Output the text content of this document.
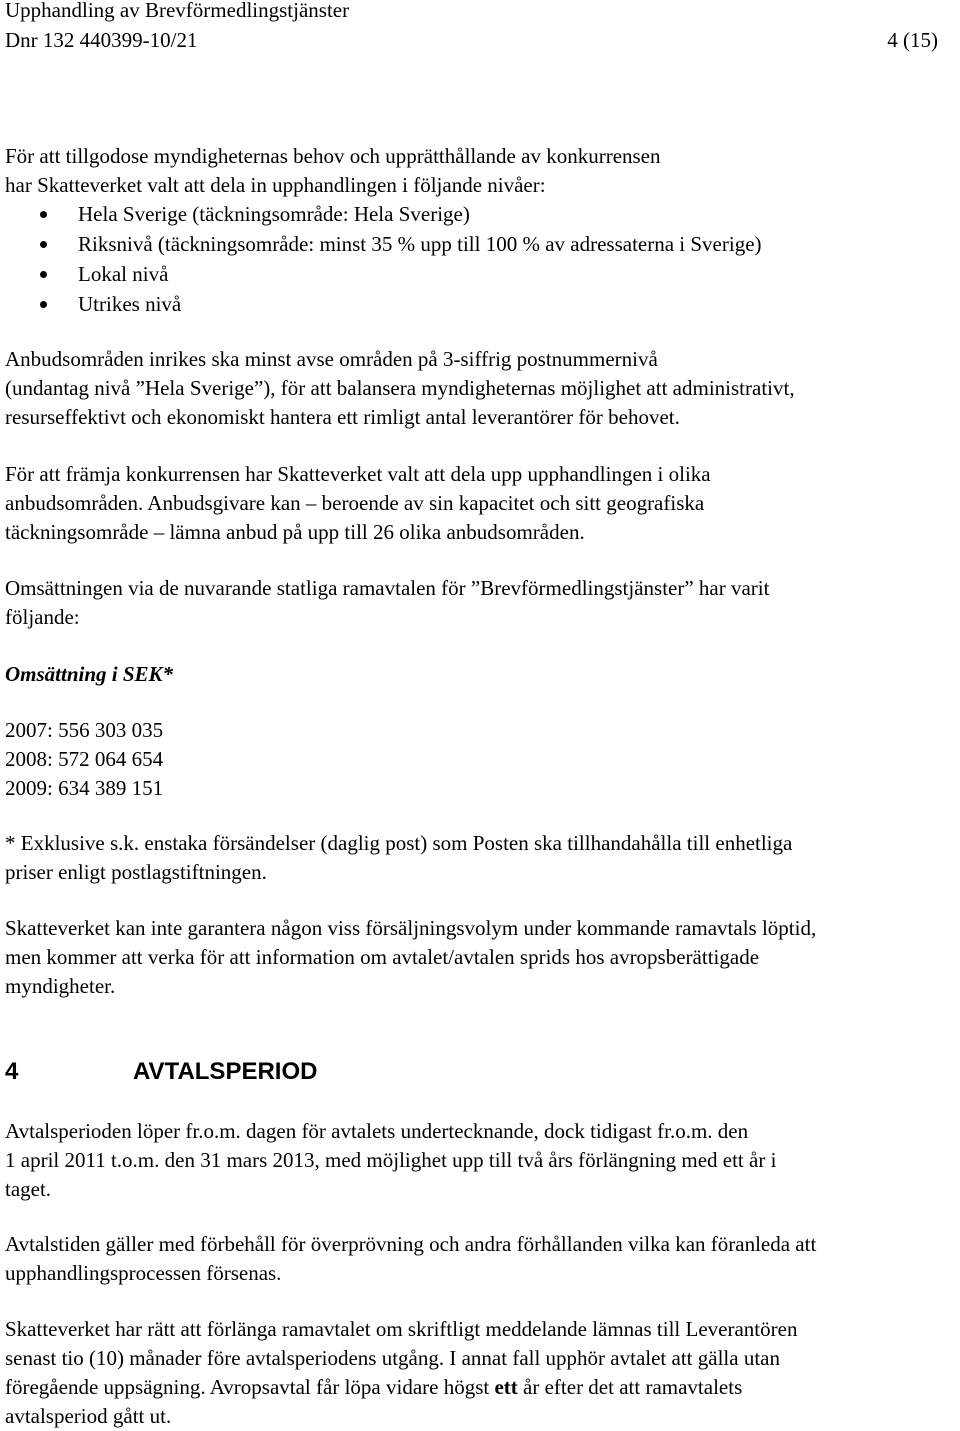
Upphandling av Brevförmedlingstjänster
Dnr 132 440399-10/21	4 (15)

För att tillgodose myndigheternas behov och upprätthållande av konkurrensen

har Skatteverket valt att dela in upphandlingen i följande nivåer:

Hela Sverige (täckningsområde: Hela Sverige)
Riksnivå (täckningsområde: minst 35 % upp till 100 % av adressaterna i Sverige)
Lokal nivå
Utrikes nivå

Anbudsområden inrikes ska minst avse områden på 3-siffrig postnummernivå

(undantag nivå ”Hela Sverige”), för att balansera myndigheternas möjlighet att administrativt,

resurseffektivt och ekonomiskt hantera ett rimligt antal leverantörer för behovet.

För att främja konkurrensen har Skatteverket valt att dela upp upphandlingen i olika

anbudsområden. Anbudsgivare kan – beroende av sin kapacitet och sitt geografiska

täckningsområde – lämna anbud på upp till 26 olika anbudsområden.

Omsättningen via de nuvarande statliga ramavtalen för ”Brevförmedlingstjänster” har varit

följande:

Omsättning i SEK*

2007: 556 303 035

2008: 572 064 654

2009: 634 389 151

* Exklusive s.k. enstaka försändelser (daglig post) som Posten ska tillhandahålla till enhetliga

priser enligt postlagstiftningen.

Skatteverket kan inte garantera någon viss försäljningsvolym under kommande ramavtals löptid,

men kommer att verka för att information om avtalet/avtalen sprids hos avropsberättigade

myndigheter.

4	AVTALSPERIOD

Avtalsperioden löper fr.o.m. dagen för avtalets undertecknande, dock tidigast fr.o.m. den

1 april 2011 t.o.m. den 31 mars 2013, med möjlighet upp till två års förlängning med ett år i

taget.

Avtalstiden gäller med förbehåll för överprövning och andra förhållanden vilka kan föranleda att

upphandlingsprocessen försenas.

Skatteverket har rätt att förlänga ramavtalet om skriftligt meddelande lämnas till Leverantören

senast tio (10) månader före avtalsperiodens utgång. I annat fall upphör avtalet att gälla utan

föregående uppsägning. Avropsavtal får löpa vidare högst ett år efter det att ramavtalets

avtalsperiod gått ut.
